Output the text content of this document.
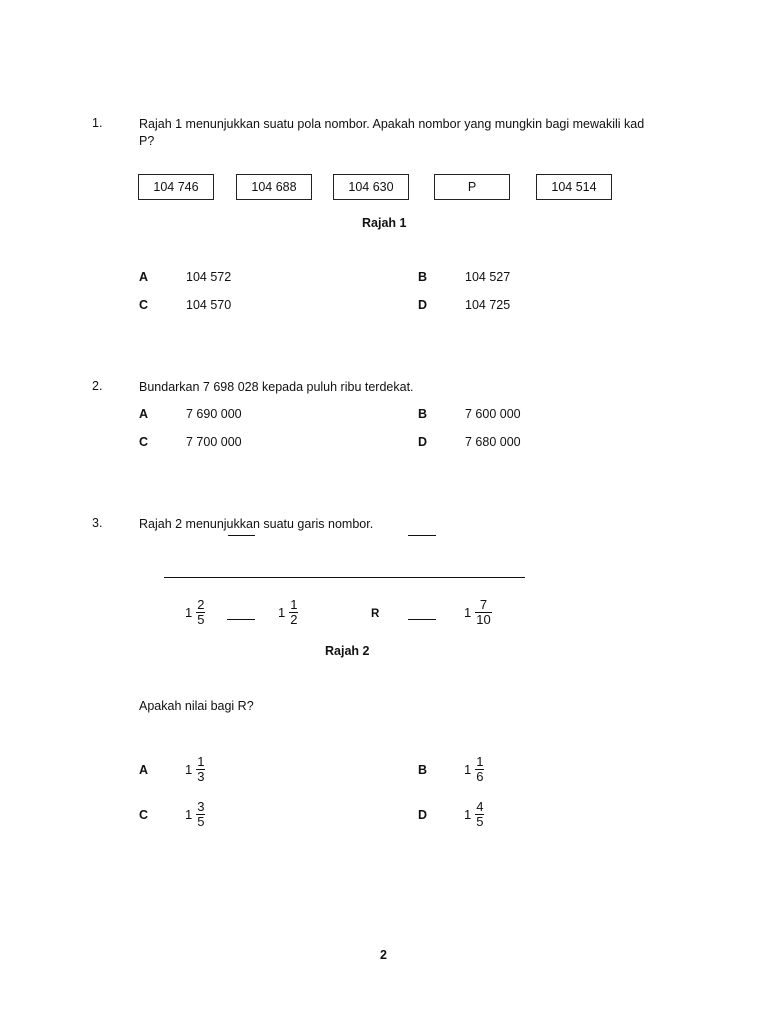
1.	Rajah 1 menunjukkan suatu pola nombor. Apakah nombor yang mungkin bagi mewakili kad
P?
104 746	104 688	104 630	P	104 514
Rajah 1
A	104 572	B	104 527
C	104 570	D	104 725
2.	Bundarkan 7 698 028 kepada puluh ribu terdekat.
A	7 690 000	B	7 600 000
C	7 700 000	D	7 680 000
3.	Rajah 2 menunjukkan suatu garis nombor.
$1 \frac{2}{5}$	$1 \frac{1}{2}$	R	$1 \frac{7}{10}$
Rajah 2
Apakah nilai bagi R?
A	$1 \frac{1}{3}$	B	$1 \frac{1}{6}$
C	$1 \frac{3}{5}$	D	$1 \frac{4}{5}$
2
